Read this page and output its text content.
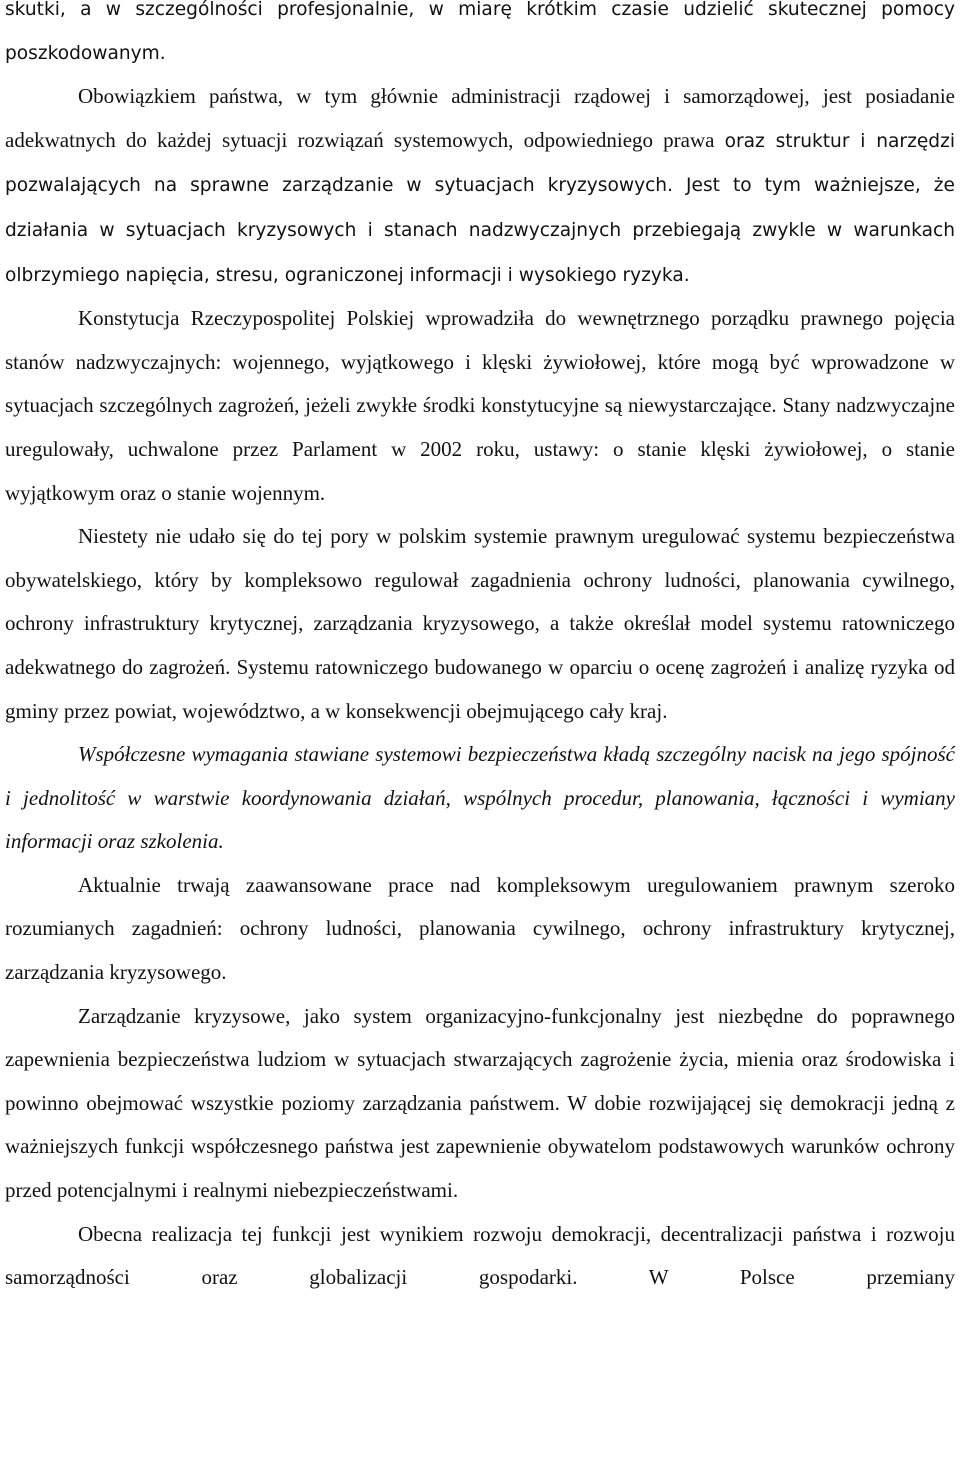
skutki, a w szczególności profesjonalnie, w miarę krótkim czasie udzielić skutecznej pomocy poszkodowanym.

Obowiązkiem państwa, w tym głównie administracji rządowej i samorządowej, jest posiadanie adekwatnych do każdej sytuacji rozwiązań systemowych, odpowiedniego prawa oraz struktur i narzędzi pozwalających na sprawne zarządzanie w sytuacjach kryzysowych. Jest to tym ważniejsze, że działania w sytuacjach kryzysowych i stanach nadzwyczajnych przebiegają zwykle w warunkach olbrzymiego napięcia, stresu, ograniczonej informacji i wysokiego ryzyka.

Konstytucja Rzeczypospolitej Polskiej wprowadziła do wewnętrznego porządku prawnego pojęcia stanów nadzwyczajnych: wojennego, wyjątkowego i klęski żywiołowej, które mogą być wprowadzone w sytuacjach szczególnych zagrożeń, jeżeli zwykłe środki konstytucyjne są niewystarczające. Stany nadzwyczajne uregulowały, uchwalone przez Parlament w 2002 roku, ustawy: o stanie klęski żywiołowej, o stanie wyjątkowym oraz o stanie wojennym.

Niestety nie udało się do tej pory w polskim systemie prawnym uregulować systemu bezpieczeństwa obywatelskiego, który by kompleksowo regulował zagadnienia ochrony ludności, planowania cywilnego, ochrony infrastruktury krytycznej, zarządzania kryzysowego, a także określał model systemu ratowniczego adekwatnego do zagrożeń. Systemu ratowniczego budowanego w oparciu o ocenę zagrożeń i analizę ryzyka od gminy przez powiat, województwo, a w konsekwencji obejmującego cały kraj.

Współczesne wymagania stawiane systemowi bezpieczeństwa kładą szczególny nacisk na jego spójność i jednolitość w warstwie koordynowania działań, wspólnych procedur, planowania, łączności i wymiany informacji oraz szkolenia.

Aktualnie trwają zaawansowane prace nad kompleksowym uregulowaniem prawnym szeroko rozumianych zagadnień: ochrony ludności, planowania cywilnego, ochrony infrastruktury krytycznej, zarządzania kryzysowego.

Zarządzanie kryzysowe, jako system organizacyjno-funkcjonalny jest niezbędne do poprawnego zapewnienia bezpieczeństwa ludziom w sytuacjach stwarzających zagrożenie życia, mienia oraz środowiska i powinno obejmować wszystkie poziomy zarządzania państwem. W dobie rozwijającej się demokracji jedną z ważniejszych funkcji współczesnego państwa jest zapewnienie obywatelom podstawowych warunków ochrony przed potencjalnymi i realnymi niebezpieczeństwami.

Obecna realizacja tej funkcji jest wynikiem rozwoju demokracji, decentralizacji państwa i rozwoju samorządności oraz globalizacji gospodarki. W Polsce przemiany
